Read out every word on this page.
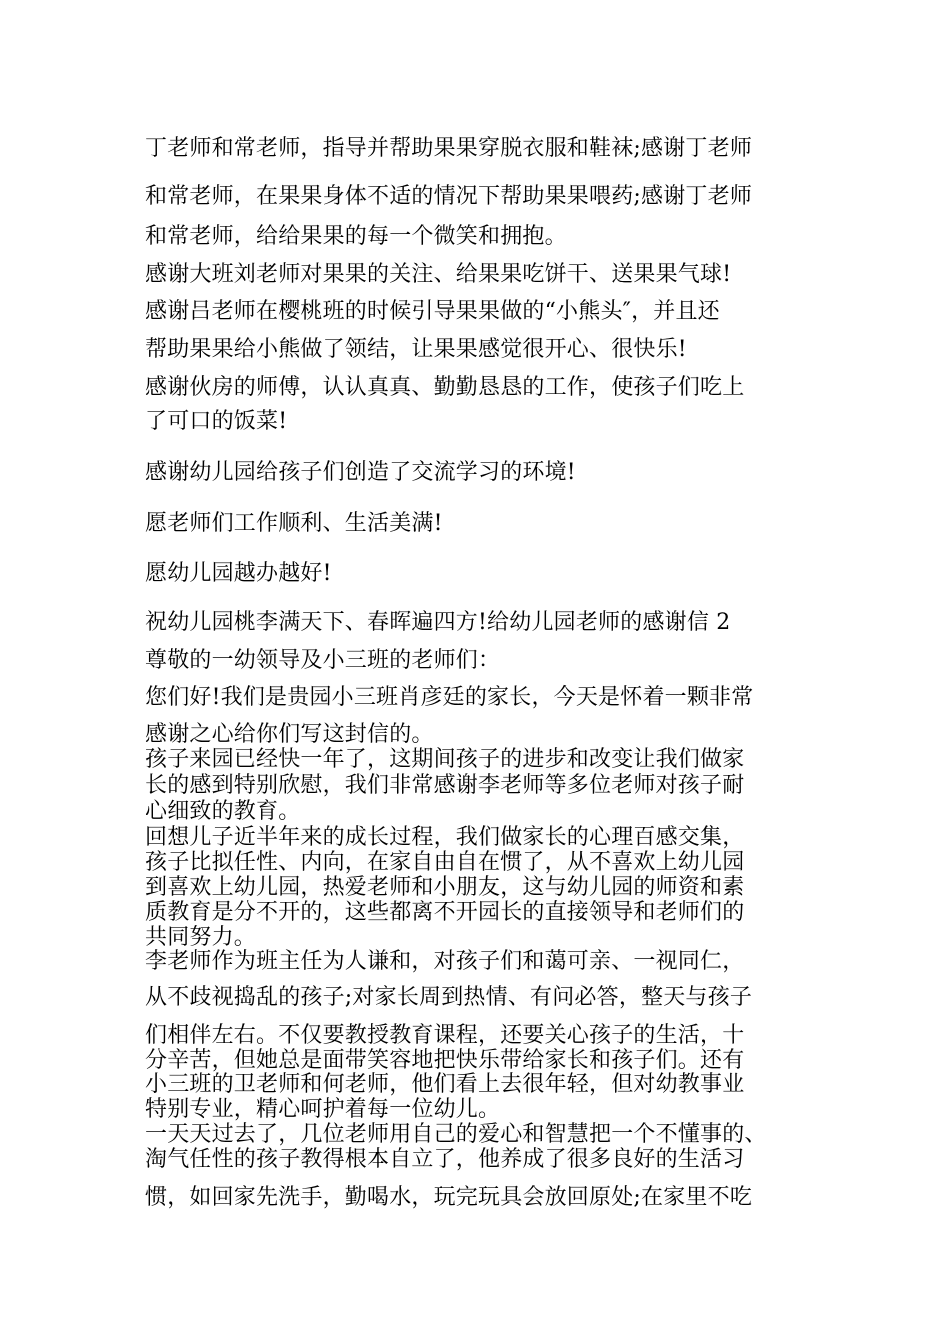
丁老师和常老师，指导并帮助果果穿脱衣服和鞋袜;感谢丁老师
和常老师，在果果身体不适的情况下帮助果果喂药;感谢丁老师
和常老师，给给果果的每一个微笑和拥抱。
感谢大班刘老师对果果的关注、给果果吃饼干、送果果气球!
感谢吕老师在樱桃班的时候引导果果做的“小熊头″，并且还
帮助果果给小熊做了领结，让果果感觉很开心、很快乐!
感谢伙房的师傅，认认真真、勤勤恳恳的工作，使孩子们吃上
了可口的饭菜!
感谢幼儿园给孩子们创造了交流学习的环境!
愿老师们工作顺利、生活美满!
愿幼儿园越办越好!
祝幼儿园桃李满天下、春晖遍四方!给幼儿园老师的感谢信 2
尊敬的一幼领导及小三班的老师们：
您们好!我们是贵园小三班肖彦廷的家长，今天是怀着一颗非常
感谢之心给你们写这封信的。
孩子来园已经快一年了，这期间孩子的进步和改变让我们做家
长的感到特别欣慰，我们非常感谢李老师等多位老师对孩子耐
心细致的教育。
回想儿子近半年来的成长过程，我们做家长的心理百感交集，
孩子比拟任性、内向，在家自由自在惯了，从不喜欢上幼儿园
到喜欢上幼儿园，热爱老师和小朋友，这与幼儿园的师资和素
质教育是分不开的，这些都离不开园长的直接领导和老师们的
共同努力。
李老师作为班主任为人谦和，对孩子们和蔼可亲、一视同仁，
从不歧视捣乱的孩子;对家长周到热情、有问必答，整天与孩子
们相伴左右。不仅要教授教育课程，还要关心孩子的生活，十
分辛苦，但她总是面带笑容地把快乐带给家长和孩子们。还有
小三班的卫老师和何老师，他们看上去很年轻，但对幼教事业
特别专业，精心呵护着每一位幼儿。
一天天过去了，几位老师用自己的爱心和智慧把一个不懂事的、
淘气任性的孩子教得根本自立了，他养成了很多良好的生活习
惯，如回家先洗手，勤喝水，玩完玩具会放回原处;在家里不吃
